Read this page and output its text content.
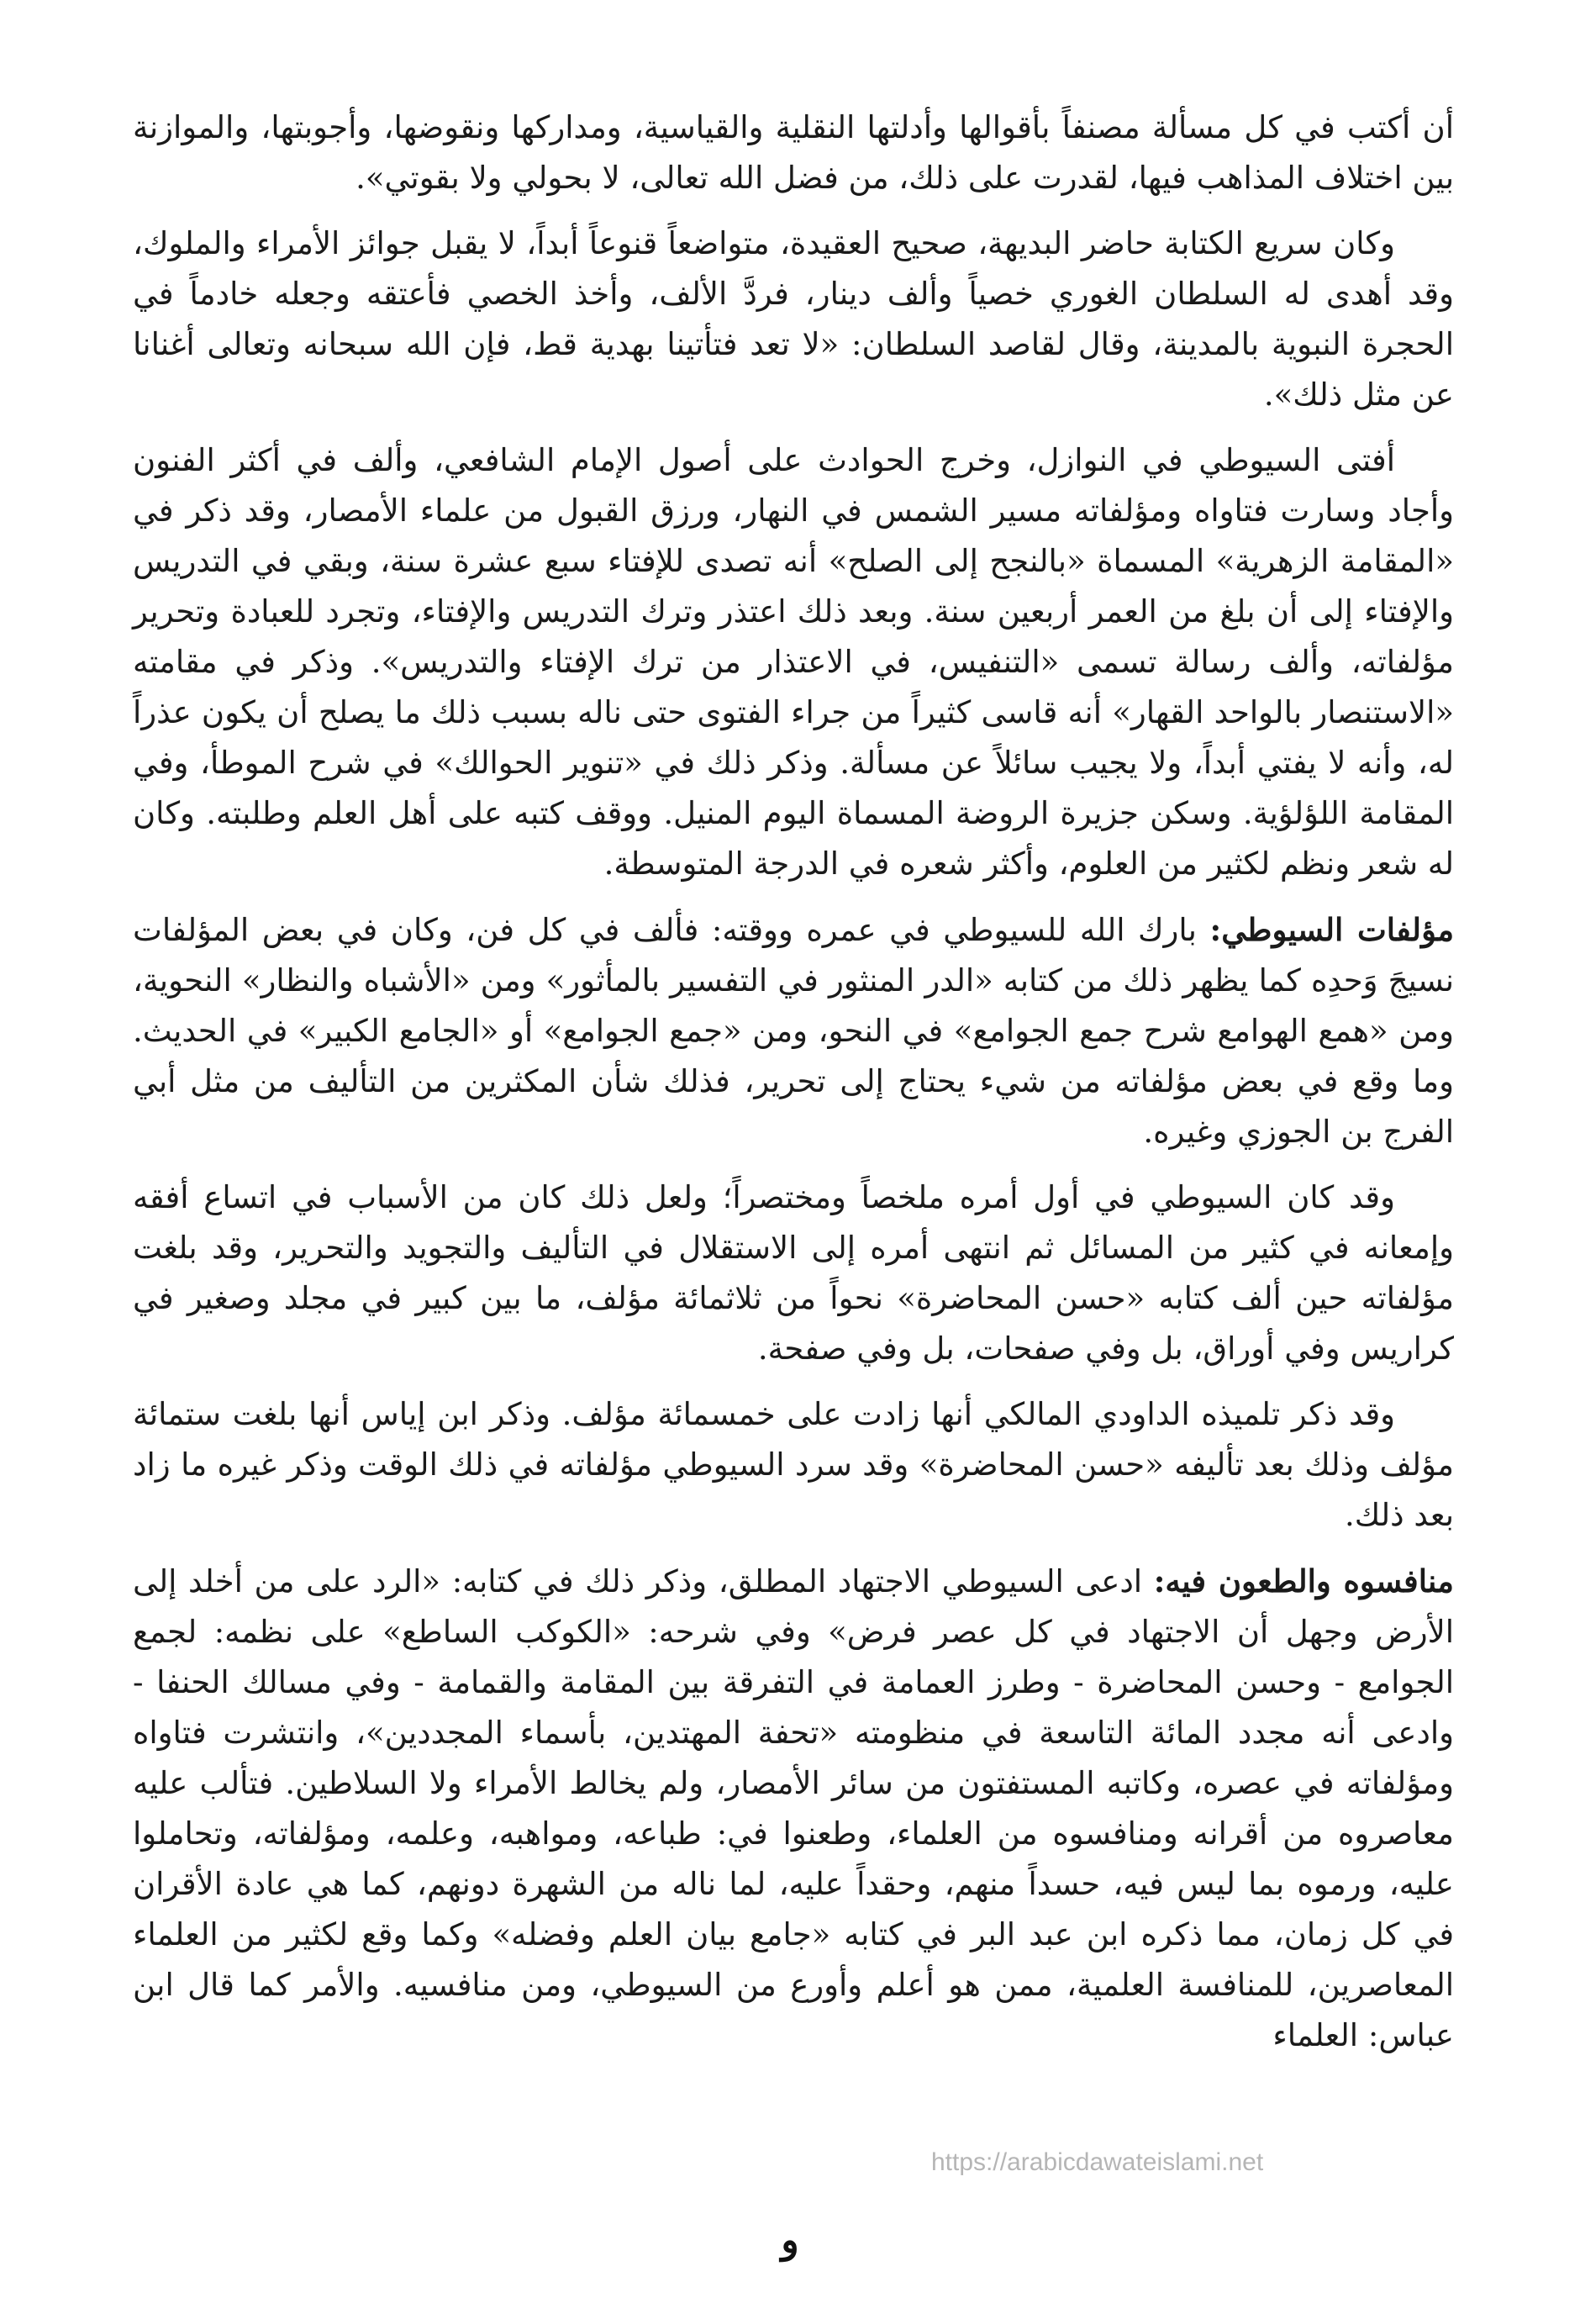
أن أكتب في كل مسألة مصنفاً بأقوالها وأدلتها النقلية والقياسية، ومداركها ونقوضها، وأجوبتها، والموازنة بين اختلاف المذاهب فيها، لقدرت على ذلك، من فضل الله تعالى، لا بحولي ولا بقوتي».

وكان سريع الكتابة حاضر البديهة، صحيح العقيدة، متواضعاً قنوعاً أبداً، لا يقبل جوائز الأمراء والملوك، وقد أهدى له السلطان الغوري خصياً وألف دينار، فردَّ الألف، وأخذ الخصي فأعتقه وجعله خادماً في الحجرة النبوية بالمدينة، وقال لقاصد السلطان: «لا تعد فتأتينا بهدية قط، فإن الله سبحانه وتعالى أغنانا عن مثل ذلك».

أفتى السيوطي في النوازل، وخرج الحوادث على أصول الإمام الشافعي، وألف في أكثر الفنون وأجاد وسارت فتاواه ومؤلفاته مسير الشمس في النهار، ورزق القبول من علماء الأمصار، وقد ذكر في «المقامة الزهرية» المسماة «بالنجح إلى الصلح» أنه تصدى للإفتاء سبع عشرة سنة، وبقي في التدريس والإفتاء إلى أن بلغ من العمر أربعين سنة. وبعد ذلك اعتذر وترك التدريس والإفتاء، وتجرد للعبادة وتحرير مؤلفاته، وألف رسالة تسمى «التنفيس، في الاعتذار من ترك الإفتاء والتدريس». وذكر في مقامته «الاستنصار بالواحد القهار» أنه قاسى كثيراً من جراء الفتوى حتى ناله بسبب ذلك ما يصلح أن يكون عذراً له، وأنه لا يفتي أبداً، ولا يجيب سائلاً عن مسألة. وذكر ذلك في «تنوير الحوالك» في شرح الموطأ، وفي المقامة اللؤلؤية. وسكن جزيرة الروضة المسماة اليوم المنيل. ووقف كتبه على أهل العلم وطلبته. وكان له شعر ونظم لكثير من العلوم، وأكثر شعره في الدرجة المتوسطة.

مؤلفات السيوطي: بارك الله للسيوطي في عمره ووقته: فألف في كل فن، وكان في بعض المؤلفات نسيجَ وَحدِه كما يظهر ذلك من كتابه «الدر المنثور في التفسير بالمأثور» ومن «الأشباه والنظار» النحوية، ومن «همع الهوامع شرح جمع الجوامع» في النحو، ومن «جمع الجوامع» أو «الجامع الكبير» في الحديث. وما وقع في بعض مؤلفاته من شيء يحتاج إلى تحرير، فذلك شأن المكثرين من التأليف من مثل أبي الفرج بن الجوزي وغيره.

وقد كان السيوطي في أول أمره ملخصاً ومختصراً؛ ولعل ذلك كان من الأسباب في اتساع أفقه وإمعانه في كثير من المسائل ثم انتهى أمره إلى الاستقلال في التأليف والتجويد والتحرير، وقد بلغت مؤلفاته حين ألف كتابه «حسن المحاضرة» نحواً من ثلاثمائة مؤلف، ما بين كبير في مجلد وصغير في كراريس وفي أوراق، بل وفي صفحات، بل وفي صفحة.

وقد ذكر تلميذه الداودي المالكي أنها زادت على خمسمائة مؤلف. وذكر ابن إياس أنها بلغت ستمائة مؤلف وذلك بعد تأليفه «حسن المحاضرة» وقد سرد السيوطي مؤلفاته في ذلك الوقت وذكر غيره ما زاد بعد ذلك.

منافسوه والطعون فيه: ادعى السيوطي الاجتهاد المطلق، وذكر ذلك في كتابه: «الرد على من أخلد إلى الأرض وجهل أن الاجتهاد في كل عصر فرض» وفي شرحه: «الكوكب الساطع» على نظمه: لجمع الجوامع - وحسن المحاضرة - وطرز العمامة في التفرقة بين المقامة والقمامة - وفي مسالك الحنفا - وادعى أنه مجدد المائة التاسعة في منظومته «تحفة المهتدين، بأسماء المجددين»، وانتشرت فتاواه ومؤلفاته في عصره، وكاتبه المستفتون من سائر الأمصار، ولم يخالط الأمراء ولا السلاطين. فتألب عليه معاصروه من أقرانه ومنافسوه من العلماء، وطعنوا في: طباعه، ومواهبه، وعلمه، ومؤلفاته، وتحاملوا عليه، ورموه بما ليس فيه، حسداً منهم، وحقداً عليه، لما ناله من الشهرة دونهم، كما هي عادة الأقران في كل زمان، مما ذكره ابن عبد البر في كتابه «جامع بيان العلم وفضله» وكما وقع لكثير من العلماء المعاصرين، للمنافسة العلمية، ممن هو أعلم وأورع من السيوطي، ومن منافسيه. والأمر كما قال ابن عباس: العلماء

https://arabicdawateislami.net
و
